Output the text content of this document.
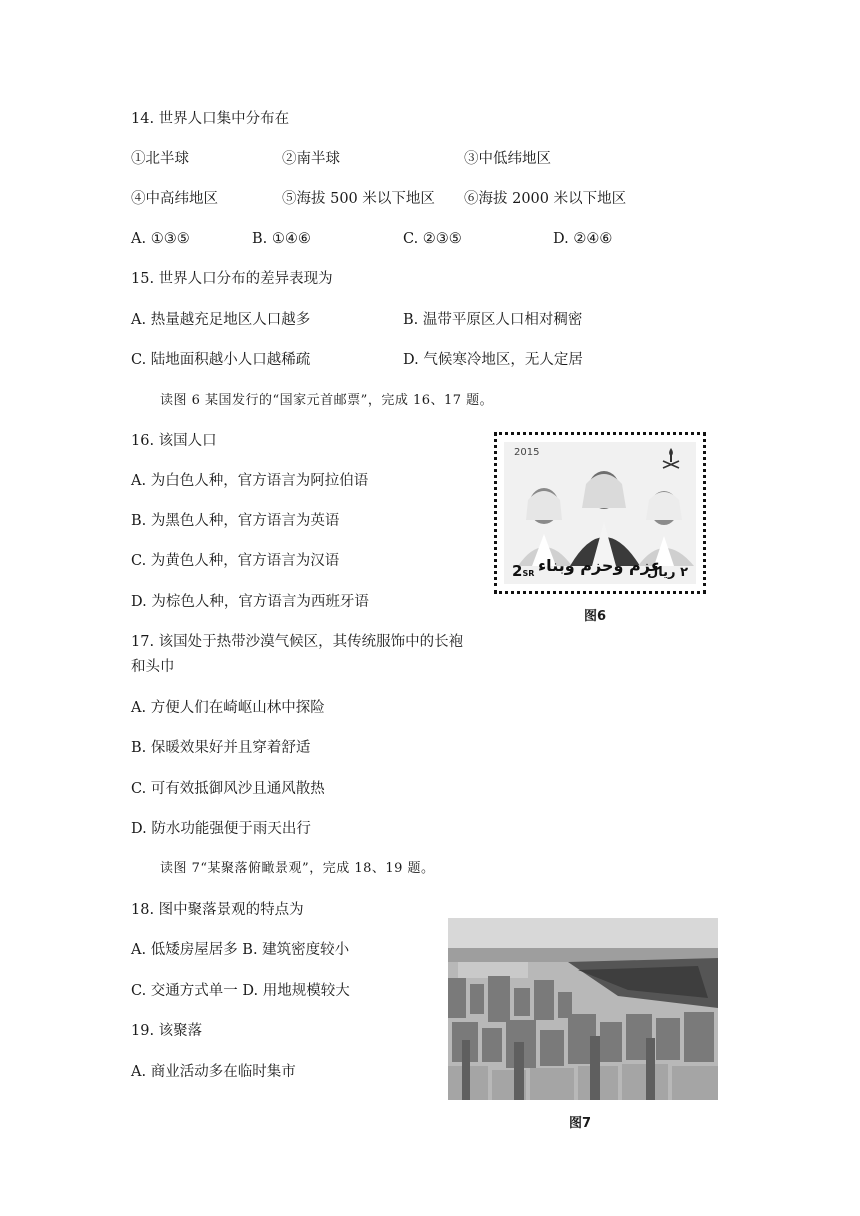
14. 世界人口集中分布在
①北半球	②南半球	③中低纬地区
④中高纬地区	⑤海拔 500 米以下地区 ⑥海拔 2000 米以下地区
A. ①③⑤	B. ①④⑥	C. ②③⑤	D. ②④⑥
15. 世界人口分布的差异表现为
A. 热量越充足地区人口越多	B. 温带平原区人口相对稠密
C. 陆地面积越小人口越稀疏	D. 气候寒冷地区，无人定居
读图 6 某国发行的“国家元首邮票”，完成 16、17 题。
16. 该国人口
A. 为白色人种，官方语言为阿拉伯语
B. 为黑色人种，官方语言为英语
C. 为黄色人种，官方语言为汉语
D. 为棕色人种，官方语言为西班牙语
2015
عزم وحزم وبناء
2SR	٢ ريال
图6
17. 该国处于热带沙漠气候区，其传统服饰中的长袍
和头巾
A. 方便人们在崎岖山林中探险
B. 保暖效果好并且穿着舒适
C. 可有效抵御风沙且通风散热
D. 防水功能强便于雨天出行
读图 7“某聚落俯瞰景观”，完成 18、19 题。
18. 图中聚落景观的特点为
A. 低矮房屋居多 B. 建筑密度较小
C. 交通方式单一 D. 用地规模较大
19. 该聚落
A. 商业活动多在临时集市
图7
